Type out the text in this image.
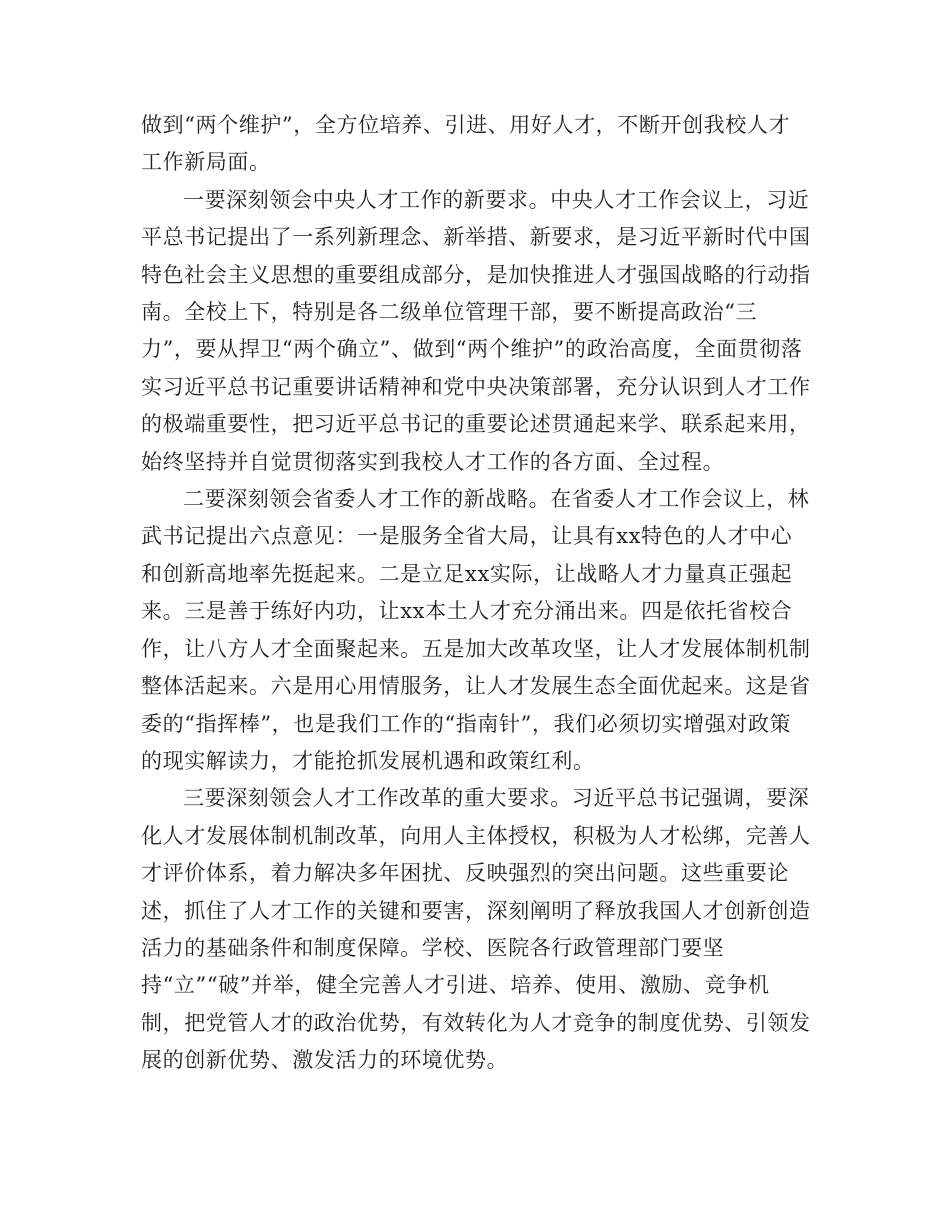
做到“两个维护”，全方位培养、引进、用好人才，不断开创我校人才工作新局面。

一要深刻领会中央人才工作的新要求。中央人才工作会议上，习近平总书记提出了一系列新理念、新举措、新要求，是习近平新时代中国特色社会主义思想的重要组成部分，是加快推进人才强国战略的行动指南。全校上下，特别是各二级单位管理干部，要不断提高政治“三力”，要从捍卫“两个确立”、做到“两个维护”的政治高度，全面贯彻落实习近平总书记重要讲话精神和党中央决策部署，充分认识到人才工作的极端重要性，把习近平总书记的重要论述贯通起来学、联系起来用，始终坚持并自觉贯彻落实到我校人才工作的各方面、全过程。

二要深刻领会省委人才工作的新战略。在省委人才工作会议上，林武书记提出六点意见：一是服务全省大局，让具有xx特色的人才中心和创新高地率先挺起来。二是立足xx实际，让战略人才力量真正强起来。三是善于练好内功，让xx本土人才充分涌出来。四是依托省校合作，让八方人才全面聚起来。五是加大改革攻坚，让人才发展体制机制整体活起来。六是用心用情服务，让人才发展生态全面优起来。这是省委的“指挥棒”，也是我们工作的“指南针”，我们必须切实增强对政策的现实解读力，才能抢抓发展机遇和政策红利。

三要深刻领会人才工作改革的重大要求。习近平总书记强调，要深化人才发展体制机制改革，向用人主体授权，积极为人才松绑，完善人才评价体系，着力解决多年困扰、反映强烈的突出问题。这些重要论述，抓住了人才工作的关键和要害，深刻阐明了释放我国人才创新创造活力的基础条件和制度保障。学校、医院各行政管理部门要坚持“立”“破”并举，健全完善人才引进、培养、使用、激励、竞争机制，把党管人才的政治优势，有效转化为人才竞争的制度优势、引领发展的创新优势、激发活力的环境优势。
